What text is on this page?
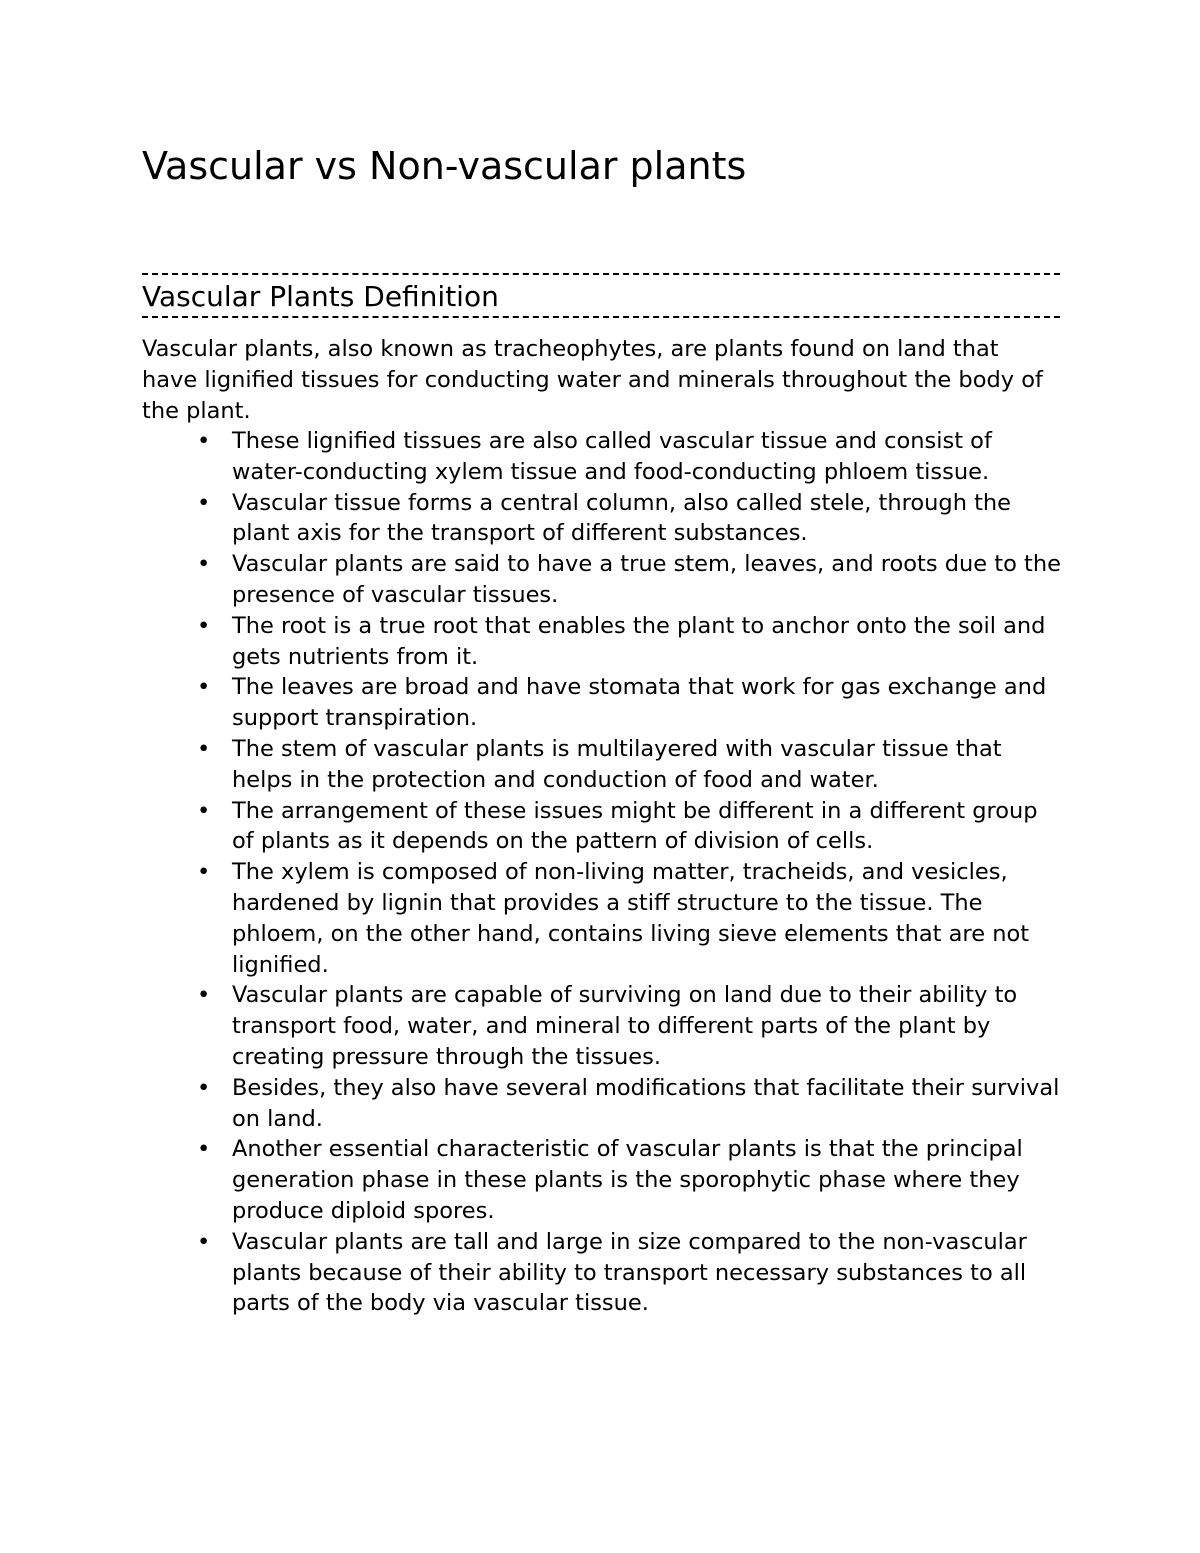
Vascular vs Non-vascular plants
Vascular Plants Definition

Vascular plants, also known as tracheophytes, are plants found on land that have lignified tissues for conducting water and minerals throughout the body of the plant.

• These lignified tissues are also called vascular tissue and consist of water-conducting xylem tissue and food-conducting phloem tissue.
• Vascular tissue forms a central column, also called stele, through the plant axis for the transport of different substances.
• Vascular plants are said to have a true stem, leaves, and roots due to the presence of vascular tissues.
• The root is a true root that enables the plant to anchor onto the soil and gets nutrients from it.
• The leaves are broad and have stomata that work for gas exchange and support transpiration.
• The stem of vascular plants is multilayered with vascular tissue that helps in the protection and conduction of food and water.
• The arrangement of these issues might be different in a different group of plants as it depends on the pattern of division of cells.
• The xylem is composed of non-living matter, tracheids, and vesicles, hardened by lignin that provides a stiff structure to the tissue. The phloem, on the other hand, contains living sieve elements that are not lignified.
• Vascular plants are capable of surviving on land due to their ability to transport food, water, and mineral to different parts of the plant by creating pressure through the tissues.
• Besides, they also have several modifications that facilitate their survival on land.
• Another essential characteristic of vascular plants is that the principal generation phase in these plants is the sporophytic phase where they produce diploid spores.
• Vascular plants are tall and large in size compared to the non-vascular plants because of their ability to transport necessary substances to all parts of the body via vascular tissue.
